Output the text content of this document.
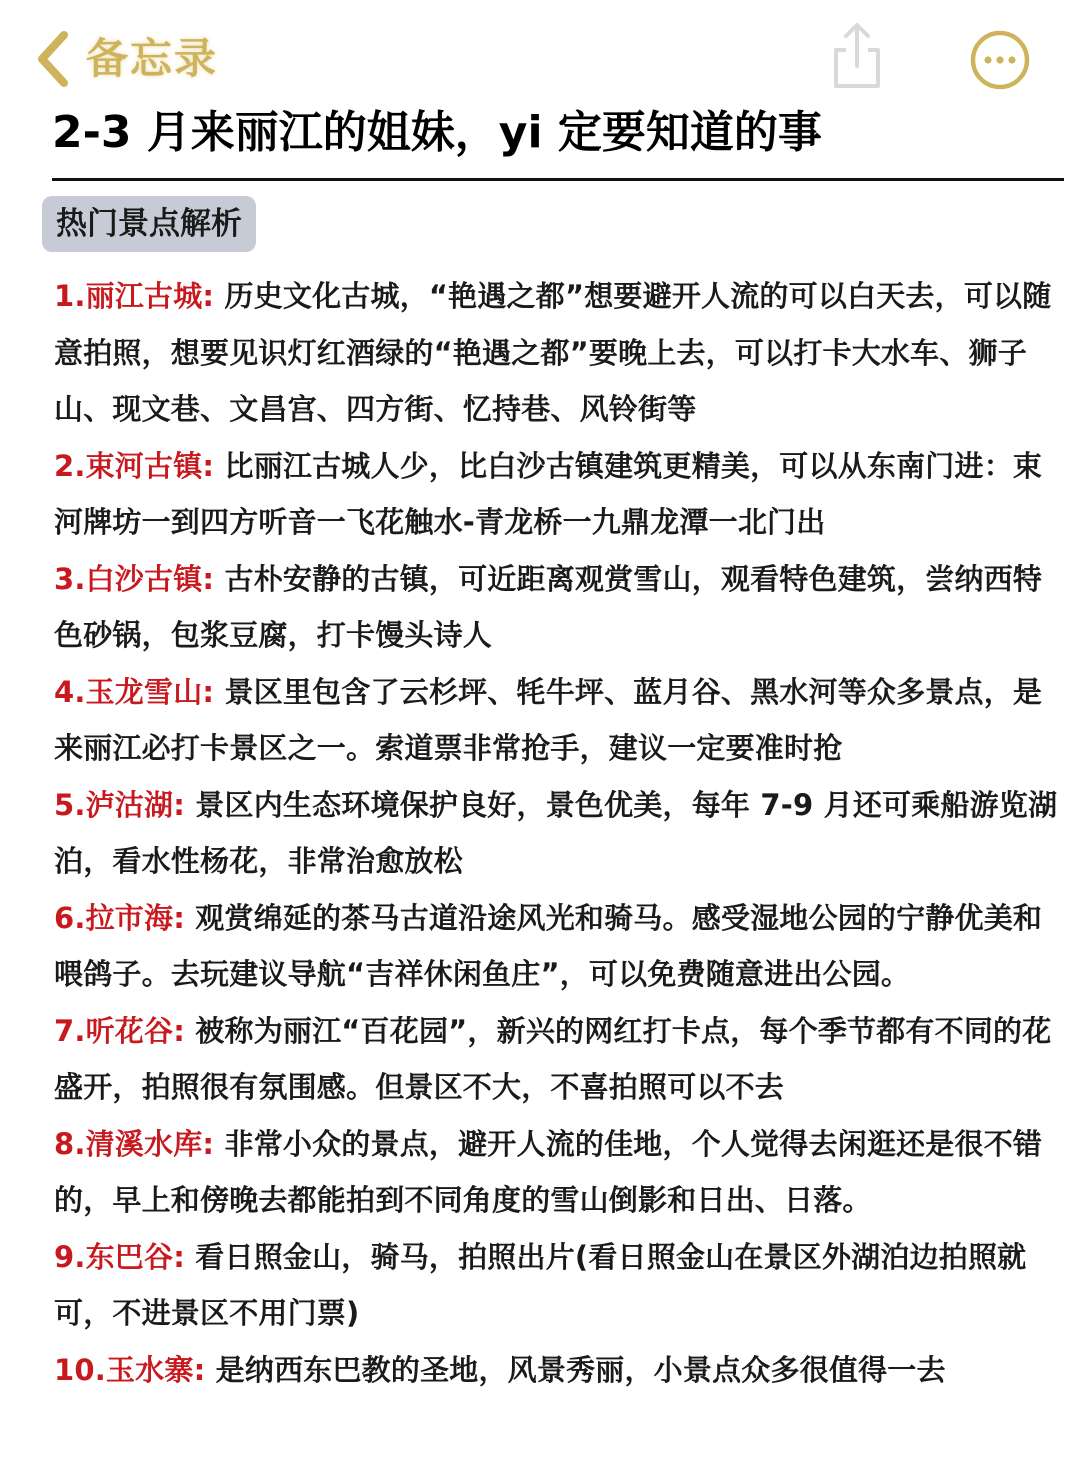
备忘录
2-3 月来丽江的姐妹，yi 定要知道的事
热门景点解析
1.丽江古城: 历史文化古城，“艳遇之都”想要避开人流的可以白天去，可以随意拍照，想要见识灯红酒绿的“艳遇之都”要晚上去，可以打卡大水车、狮子山、现文巷、文昌宫、四方街、忆持巷、风铃街等
2.束河古镇: 比丽江古城人少，比白沙古镇建筑更精美，可以从东南门进：束河牌坊一到四方听音一飞花触水-青龙桥一九鼎龙潭一北门出
3.白沙古镇: 古朴安静的古镇，可近距离观赏雪山，观看特色建筑，尝纳西特色砂锅，包浆豆腐，打卡馒头诗人
4.玉龙雪山: 景区里包含了云杉坪、牦牛坪、蓝月谷、黑水河等众多景点，是来丽江必打卡景区之一。索道票非常抢手，建议一定要准时抢
5.泸沽湖: 景区内生态环境保护良好，景色优美，每年 7-9 月还可乘船游览湖泊，看水性杨花，非常治愈放松
6.拉市海: 观赏绵延的茶马古道沿途风光和骑马。感受湿地公园的宁静优美和喂鸽子。去玩建议导航“吉祥休闲鱼庄”，可以免费随意进出公园。
7.听花谷: 被称为丽江“百花园”，新兴的网红打卡点，每个季节都有不同的花盛开，拍照很有氛围感。但景区不大，不喜拍照可以不去
8.清溪水库: 非常小众的景点，避开人流的佳地，个人觉得去闲逛还是很不错的，早上和傍晚去都能拍到不同角度的雪山倒影和日出、日落。
9.东巴谷: 看日照金山，骑马，拍照出片(看日照金山在景区外湖泊边拍照就可，不进景区不用门票)
10.玉水寨: 是纳西东巴教的圣地，风景秀丽，小景点众多很值得一去
